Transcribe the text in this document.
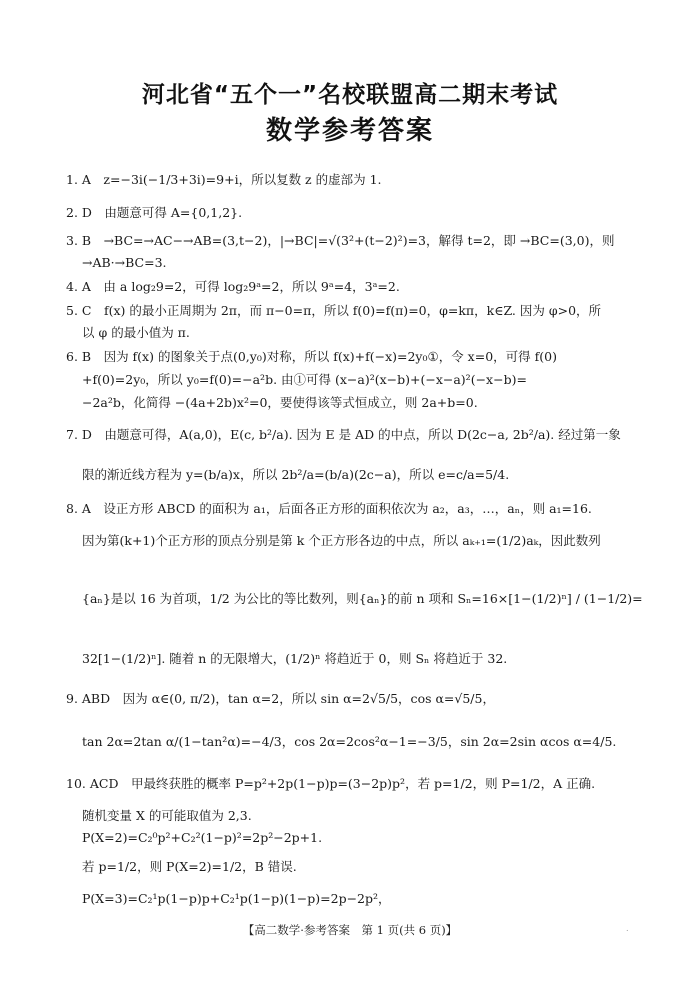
河北省“五个一”名校联盟高二期末考试
数学参考答案
1. A　z=−3i(−1/3+3i)=9+i，所以复数 z 的虚部为 1.
2. D　由题意可得 A={0,1,2}.
3. B　→BC=→AC−→AB=(3,t−2)，|→BC|=√(3²+(t−2)²)=3，解得 t=2，即 →BC=(3,0)，则
→AB·→BC=3.
4. A　由 a log₂9=2，可得 log₂9ᵃ=2，所以 9ᵃ=4，3ᵃ=2.
5. C　f(x) 的最小正周期为 2π，而 π−0=π，所以 f(0)=f(π)=0，φ=kπ，k∈Z. 因为 φ>0，所
以 φ 的最小值为 π.
6. B　因为 f(x) 的图象关于点(0,y₀)对称，所以 f(x)+f(−x)=2y₀①，令 x=0，可得 f(0)
+f(0)=2y₀，所以 y₀=f(0)=−a²b. 由①可得 (x−a)²(x−b)+(−x−a)²(−x−b)=
−2a²b，化简得 −(4a+2b)x²=0，要使得该等式恒成立，则 2a+b=0.
7. D　由题意可得，A(a,0)，E(c, b²/a). 因为 E 是 AD 的中点，所以 D(2c−a, 2b²/a). 经过第一象
限的渐近线方程为 y=(b/a)x，所以 2b²/a=(b/a)(2c−a)，所以 e=c/a=5/4.
8. A　设正方形 ABCD 的面积为 a₁，后面各正方形的面积依次为 a₂，a₃，…，aₙ，则 a₁=16.
因为第(k+1)个正方形的顶点分别是第 k 个正方形各边的中点，所以 aₖ₊₁=(1/2)aₖ，因此数列
{aₙ}是以 16 为首项，1/2 为公比的等比数列，则{aₙ}的前 n 项和 Sₙ=16×[1−(1/2)ⁿ] / (1−1/2)=
32[1−(1/2)ⁿ]. 随着 n 的无限增大，(1/2)ⁿ 将趋近于 0，则 Sₙ 将趋近于 32.
9. ABD　因为 α∈(0, π/2)，tan α=2，所以 sin α=2√5/5，cos α=√5/5，
tan 2α=2tan α/(1−tan²α)=−4/3，cos 2α=2cos²α−1=−3/5，sin 2α=2sin αcos α=4/5.
10. ACD　甲最终获胜的概率 P=p²+2p(1−p)p=(3−2p)p²，若 p=1/2，则 P=1/2，A 正确.
随机变量 X 的可能取值为 2,3.
P(X=2)=C₂⁰p²+C₂²(1−p)²=2p²−2p+1.
若 p=1/2，则 P(X=2)=1/2，B 错误.
P(X=3)=C₂¹p(1−p)p+C₂¹p(1−p)(1−p)=2p−2p²，
【高二数学·参考答案　第 1 页(共 6 页)】	.
